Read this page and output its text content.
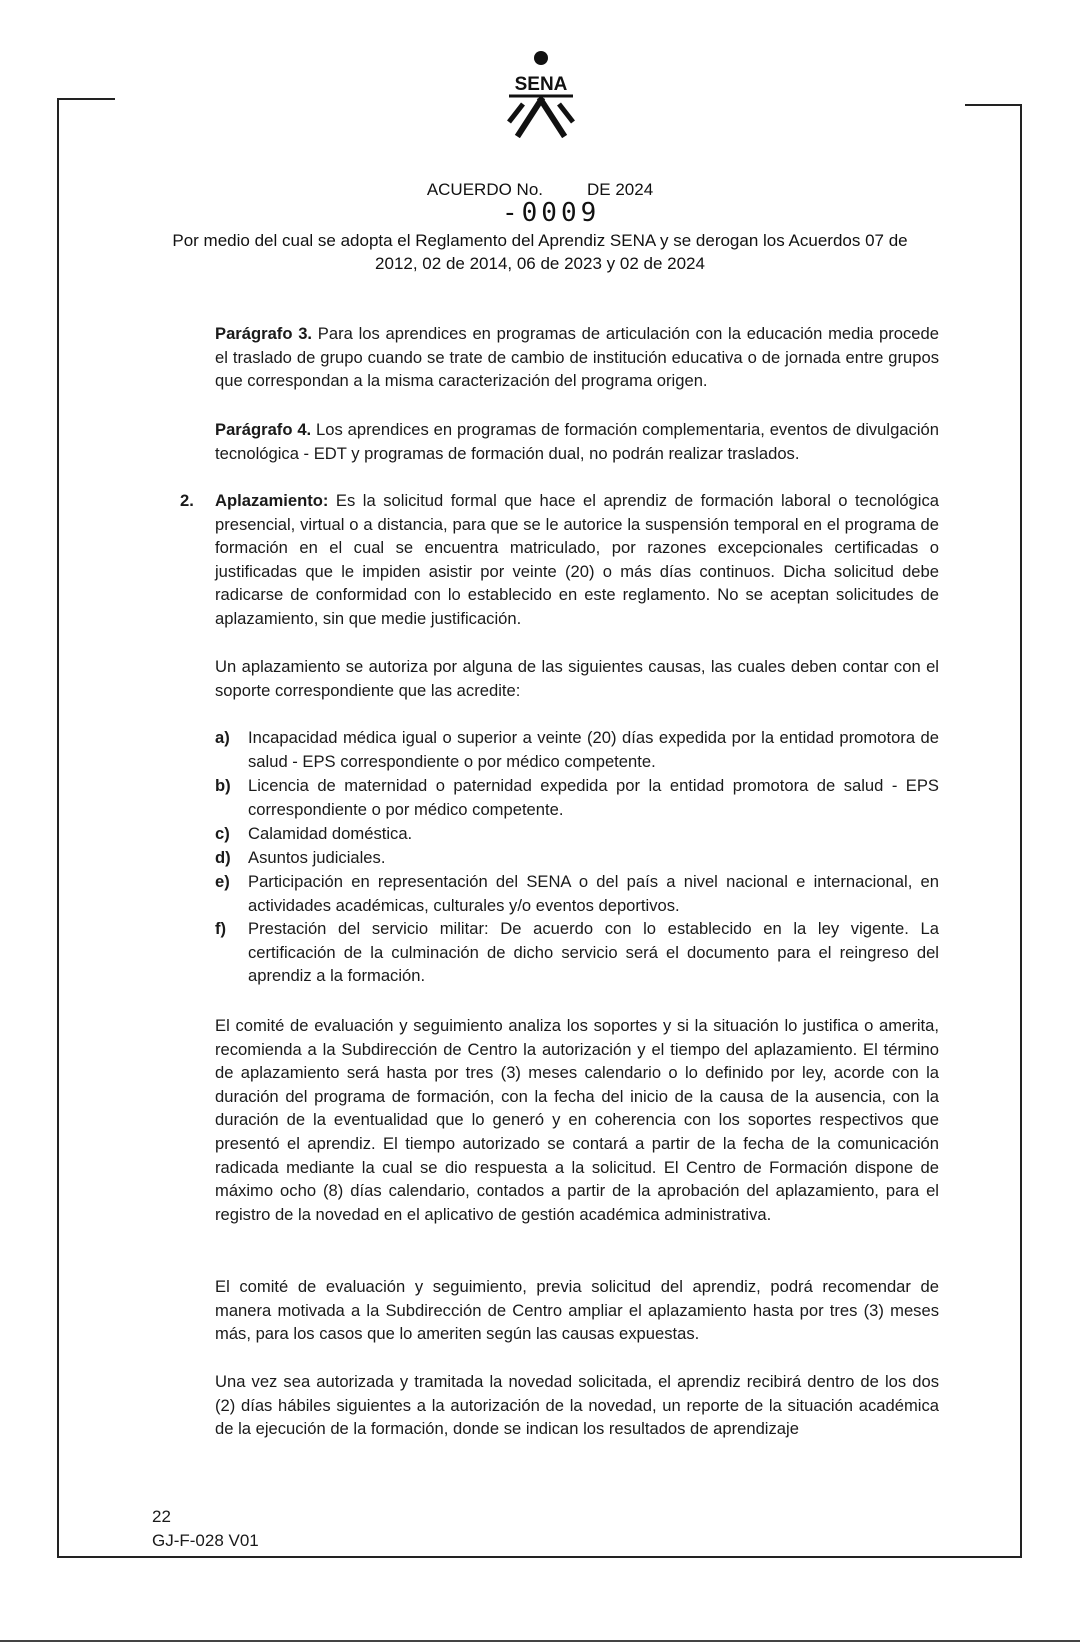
SENA
ACUERDO No.	DE 2024
-0009
Por medio del cual se adopta el Reglamento del Aprendiz SENA y se derogan los Acuerdos 07 de 2012, 02 de 2014, 06 de 2023 y 02 de 2024
Parágrafo 3. Para los aprendices en programas de articulación con la educación media procede el traslado de grupo cuando se trate de cambio de institución educativa o de jornada entre grupos que correspondan a la misma caracterización del programa origen.
Parágrafo 4. Los aprendices en programas de formación complementaria, eventos de divulgación tecnológica - EDT y programas de formación dual, no podrán realizar traslados.
2. Aplazamiento: Es la solicitud formal que hace el aprendiz de formación laboral o tecnológica presencial, virtual o a distancia, para que se le autorice la suspensión temporal en el programa de formación en el cual se encuentra matriculado, por razones excepcionales certificadas o justificadas que le impiden asistir por veinte (20) o más días continuos. Dicha solicitud debe radicarse de conformidad con lo establecido en este reglamento. No se aceptan solicitudes de aplazamiento, sin que medie justificación.
Un aplazamiento se autoriza por alguna de las siguientes causas, las cuales deben contar con el soporte correspondiente que las acredite:
a)	Incapacidad médica igual o superior a veinte (20) días expedida por la entidad promotora de salud - EPS correspondiente o por médico competente.
b)	Licencia de maternidad o paternidad expedida por la entidad promotora de salud - EPS correspondiente o por médico competente.
c)	Calamidad doméstica.
d)	Asuntos judiciales.
e)	Participación en representación del SENA o del país a nivel nacional e internacional, en actividades académicas, culturales y/o eventos deportivos.
f)	Prestación del servicio militar: De acuerdo con lo establecido en la ley vigente. La certificación de la culminación de dicho servicio será el documento para el reingreso del aprendiz a la formación.
El comité de evaluación y seguimiento analiza los soportes y si la situación lo justifica o amerita, recomienda a la Subdirección de Centro la autorización y el tiempo del aplazamiento. El término de aplazamiento será hasta por tres (3) meses calendario o lo definido por ley, acorde con la duración del programa de formación, con la fecha del inicio de la causa de la ausencia, con la duración de la eventualidad que lo generó y en coherencia con los soportes respectivos que presentó el aprendiz. El tiempo autorizado se contará a partir de la fecha de la comunicación radicada mediante la cual se dio respuesta a la solicitud. El Centro de Formación dispone de máximo ocho (8) días calendario, contados a partir de la aprobación del aplazamiento, para el registro de la novedad en el aplicativo de gestión académica administrativa.
El comité de evaluación y seguimiento, previa solicitud del aprendiz, podrá recomendar de manera motivada a la Subdirección de Centro ampliar el aplazamiento hasta por tres (3) meses más, para los casos que lo ameriten según las causas expuestas.
Una vez sea autorizada y tramitada la novedad solicitada, el aprendiz recibirá dentro de los dos (2) días hábiles siguientes a la autorización de la novedad, un reporte de la situación académica de la ejecución de la formación, donde se indican los resultados de aprendizaje
22
GJ-F-028 V01
